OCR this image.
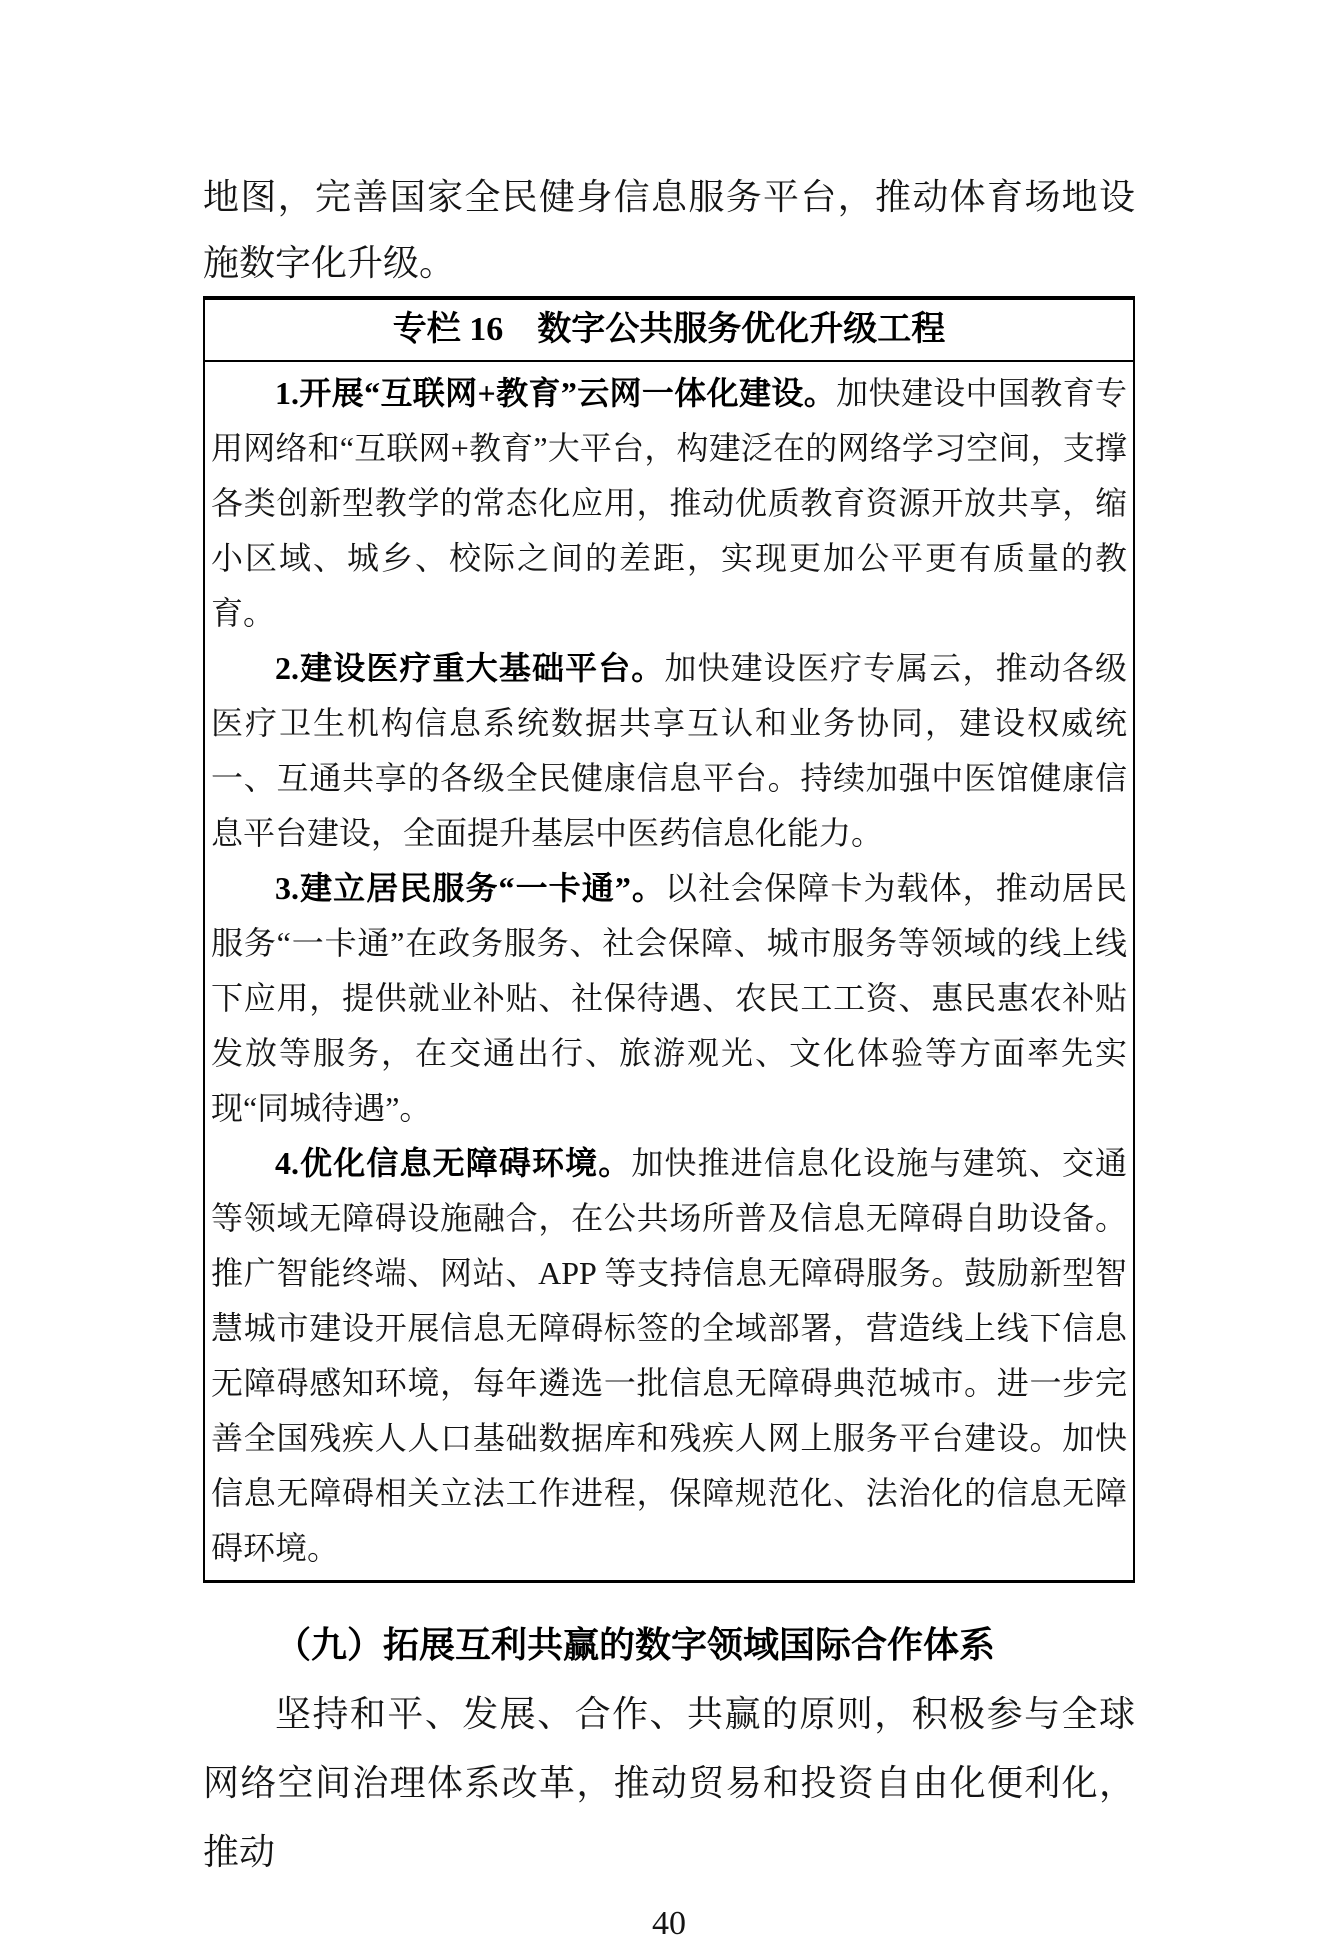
地图，完善国家全民健身信息服务平台，推动体育场地设施数字化升级。

专栏 16　数字公共服务优化升级工程

1.开展“互联网+教育”云网一体化建设。加快建设中国教育专用网络和“互联网+教育”大平台，构建泛在的网络学习空间，支撑各类创新型教学的常态化应用，推动优质教育资源开放共享，缩小区域、城乡、校际之间的差距，实现更加公平更有质量的教育。

2.建设医疗重大基础平台。加快建设医疗专属云，推动各级医疗卫生机构信息系统数据共享互认和业务协同，建设权威统一、互通共享的各级全民健康信息平台。持续加强中医馆健康信息平台建设，全面提升基层中医药信息化能力。

3.建立居民服务“一卡通”。以社会保障卡为载体，推动居民服务“一卡通”在政务服务、社会保障、城市服务等领域的线上线下应用，提供就业补贴、社保待遇、农民工工资、惠民惠农补贴发放等服务，在交通出行、旅游观光、文化体验等方面率先实现“同城待遇”。

4.优化信息无障碍环境。加快推进信息化设施与建筑、交通等领域无障碍设施融合，在公共场所普及信息无障碍自助设备。推广智能终端、网站、APP 等支持信息无障碍服务。鼓励新型智慧城市建设开展信息无障碍标签的全域部署，营造线上线下信息无障碍感知环境，每年遴选一批信息无障碍典范城市。进一步完善全国残疾人人口基础数据库和残疾人网上服务平台建设。加快信息无障碍相关立法工作进程，保障规范化、法治化的信息无障碍环境。

（九）拓展互利共赢的数字领域国际合作体系

坚持和平、发展、合作、共赢的原则，积极参与全球网络空间治理体系改革，推动贸易和投资自由化便利化，推动

40
